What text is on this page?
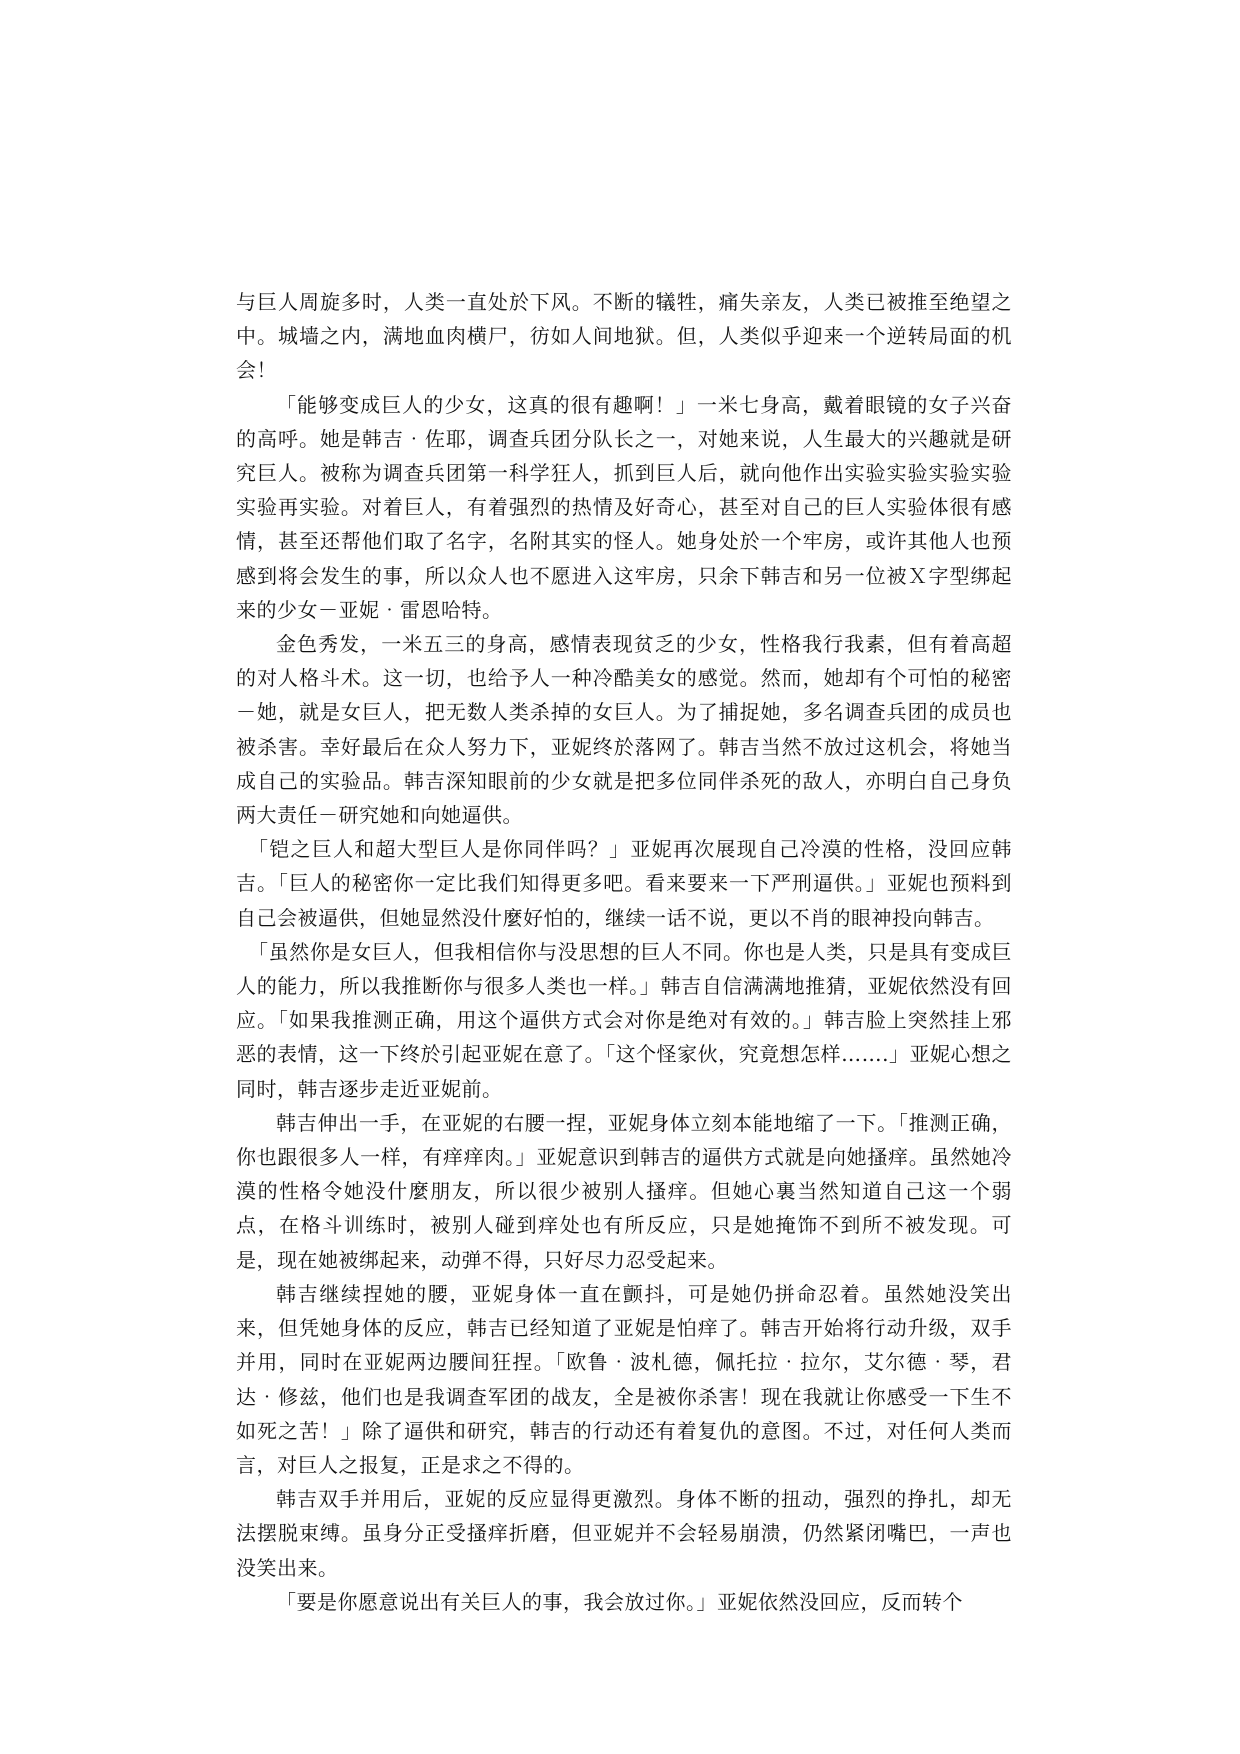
与巨人周旋多时，人类一直处於下风。不断的犠牲，痛失亲友，人类已被推至绝望之中。城墙之内，满地血肉横尸，彷如人间地狱。但，人类似乎迎来一个逆转局面的机会！

「能够变成巨人的少女，这真的很有趣啊！」一米七身高，戴着眼镜的女子兴奋的高呼。她是韩吉‧佐耶，调查兵团分队长之一，对她来说，人生最大的兴趣就是研究巨人。被称为调查兵团第一科学狂人，抓到巨人后，就向他作出实验实验实验实验实验再实验。对着巨人，有着强烈的热情及好奇心，甚至对自己的巨人实验体很有感情，甚至还帮他们取了名字，名附其实的怪人。她身处於一个牢房，或许其他人也预感到将会发生的事，所以众人也不愿进入这牢房，只余下韩吉和另一位被Ｘ字型绑起来的少女－亚妮‧雷恩哈特。

金色秀发，一米五三的身高，感情表现贫乏的少女，性格我行我素，但有着高超的对人格斗术。这一切，也给予人一种冷酷美女的感觉。然而，她却有个可怕的秘密－她，就是女巨人，把无数人类杀掉的女巨人。为了捕捉她，多名调查兵团的成员也被杀害。幸好最后在众人努力下，亚妮终於落网了。韩吉当然不放过这机会，将她当成自己的实验品。韩吉深知眼前的少女就是把多位同伴杀死的敌人，亦明白自己身负两大责任－研究她和向她逼供。

「铠之巨人和超大型巨人是你同伴吗？」亚妮再次展现自己冷漠的性格，没回应韩吉。「巨人的秘密你一定比我们知得更多吧。看来要来一下严刑逼供。」亚妮也预料到自己会被逼供，但她显然没什麼好怕的，继续一话不说，更以不肖的眼神投向韩吉。

「虽然你是女巨人，但我相信你与没思想的巨人不同。你也是人类，只是具有变成巨人的能力，所以我推断你与很多人类也一样。」韩吉自信满满地推猜，亚妮依然没有回应。「如果我推测正确，用这个逼供方式会对你是绝对有效的。」韩吉脸上突然挂上邪恶的表情，这一下终於引起亚妮在意了。「这个怪家伙，究竟想怎样…….」亚妮心想之同时，韩吉逐步走近亚妮前。

韩吉伸出一手，在亚妮的右腰一捏，亚妮身体立刻本能地缩了一下。「推测正确，你也跟很多人一样，有痒痒肉。」亚妮意识到韩吉的逼供方式就是向她搔痒。虽然她冷漠的性格令她没什麼朋友，所以很少被别人搔痒。但她心裏当然知道自己这一个弱点，在格斗训练时，被别人碰到痒处也有所反应，只是她掩饰不到所不被发现。可是，现在她被绑起来，动弹不得，只好尽力忍受起来。

韩吉继续捏她的腰，亚妮身体一直在颤抖，可是她仍拼命忍着。虽然她没笑出来，但凭她身体的反应，韩吉已经知道了亚妮是怕痒了。韩吉开始将行动升级，双手并用，同时在亚妮两边腰间狂捏。「欧鲁‧波札德，佩托拉‧拉尔，艾尔德‧琴，君达‧修兹，他们也是我调查军团的战友，全是被你杀害！现在我就让你感受一下生不如死之苦！」除了逼供和研究，韩吉的行动还有着复仇的意图。不过，对任何人类而言，对巨人之报复，正是求之不得的。

韩吉双手并用后，亚妮的反应显得更激烈。身体不断的扭动，强烈的挣扎，却无法摆脱束缚。虽身分正受搔痒折磨，但亚妮并不会轻易崩溃，仍然紧闭嘴巴，一声也没笑出来。

「要是你愿意说出有关巨人的事，我会放过你。」亚妮依然没回应，反而转个
